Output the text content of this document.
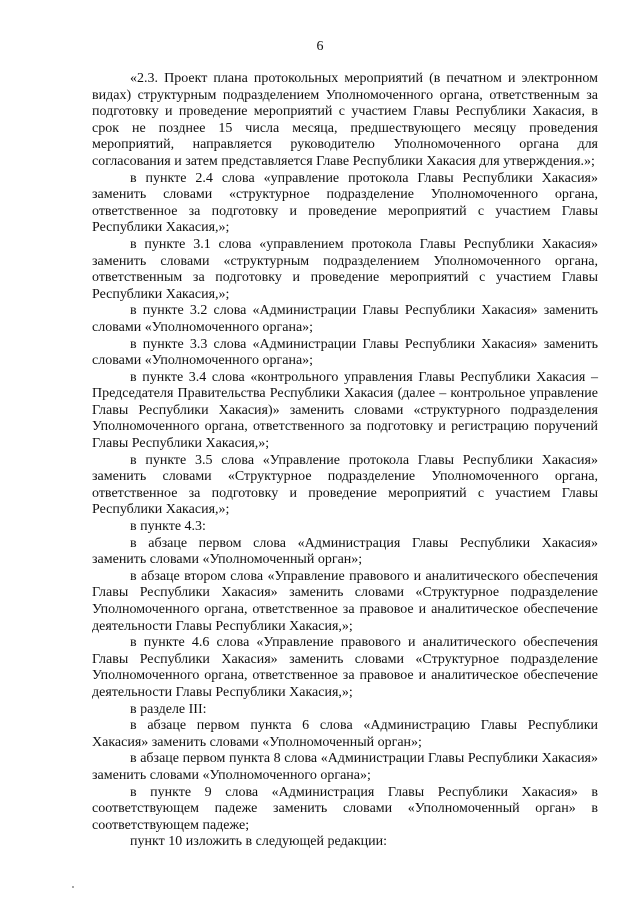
6

«2.3. Проект плана протокольных мероприятий (в печатном и электронном видах) структурным подразделением Уполномоченного органа, ответственным за подготовку и проведение мероприятий с участием Главы Республики Хакасия, в срок не позднее 15 числа месяца, предшествующего месяцу проведения мероприятий, направляется руководителю Уполномоченного органа для согласования и затем представляется Главе Республики Хакасия для утверждения.»;

в пункте 2.4 слова «управление протокола Главы Республики Хакасия» заменить словами «структурное подразделение Уполномоченного органа, ответственное за подготовку и проведение мероприятий с участием Главы Республики Хакасия,»;

в пункте 3.1 слова «управлением протокола Главы Республики Хакасия» заменить словами «структурным подразделением Уполномоченного органа, ответственным за подготовку и проведение мероприятий с участием Главы Республики Хакасия,»;

в пункте 3.2 слова «Администрации Главы Республики Хакасия» заменить словами «Уполномоченного органа»;

в пункте 3.3 слова «Администрации Главы Республики Хакасия» заменить словами «Уполномоченного органа»;

в пункте 3.4 слова «контрольного управления Главы Республики Хакасия – Председателя Правительства Республики Хакасия (далее – контрольное управление Главы Республики Хакасия)» заменить словами «структурного подразделения Уполномоченного органа, ответственного за подготовку и регистрацию поручений Главы Республики Хакасия,»;

в пункте 3.5 слова «Управление протокола Главы Республики Хакасия» заменить словами «Структурное подразделение Уполномоченного органа, ответственное за подготовку и проведение мероприятий с участием Главы Республики Хакасия,»;

в пункте 4.3:

в абзаце первом слова «Администрация Главы Республики Хакасия» заменить словами «Уполномоченный орган»;

в абзаце втором слова «Управление правового и аналитического обеспечения Главы Республики Хакасия» заменить словами «Структурное подразделение Уполномоченного органа, ответственное за правовое и аналитическое обеспечение деятельности Главы Республики Хакасия,»;

в пункте 4.6 слова «Управление правового и аналитического обеспечения Главы Республики Хакасия» заменить словами «Структурное подразделение Уполномоченного органа, ответственное за правовое и аналитическое обеспечение деятельности Главы Республики Хакасия,»;

в разделе III:

в абзаце первом пункта 6 слова «Администрацию Главы Республики Хакасия» заменить словами «Уполномоченный орган»;

в абзаце первом пункта 8 слова «Администрации Главы Республики Хакасия» заменить словами «Уполномоченного органа»;

в пункте 9 слова «Администрация Главы Республики Хакасия» в соответствующем падеже заменить словами «Уполномоченный орган» в соответствующем падеже;

пункт 10 изложить в следующей редакции:
